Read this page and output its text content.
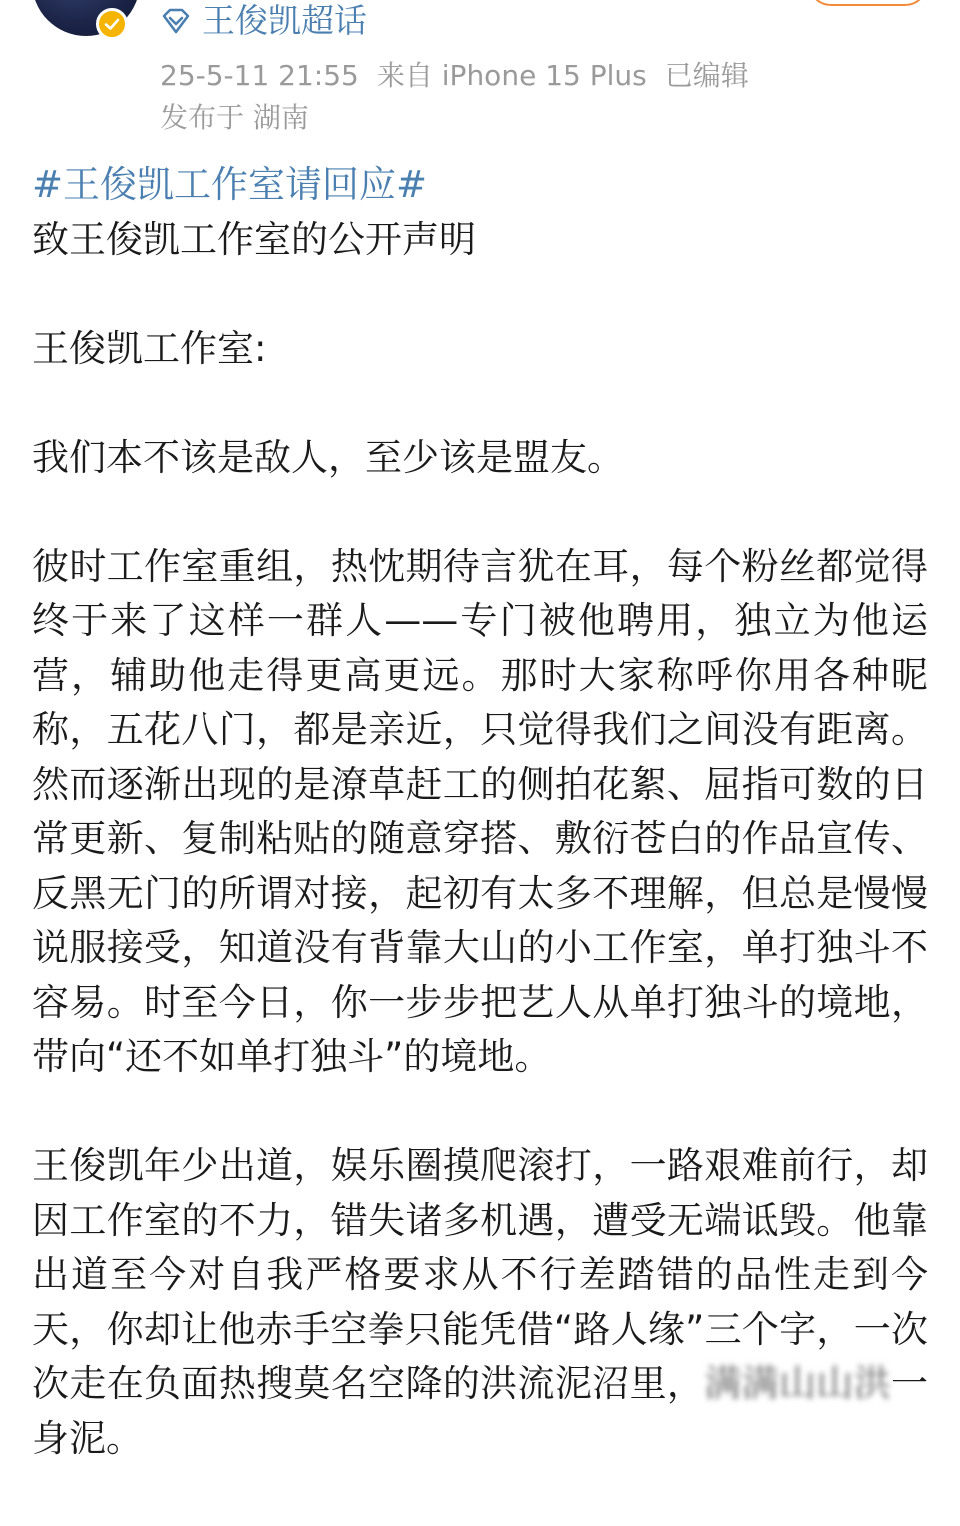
王俊凯超话
25-5-11 21:55 来自 iPhone 15 Plus 已编辑
发布于 湖南
#王俊凯工作室请回应#
致王俊凯工作室的公开声明
王俊凯工作室:
我们本不该是敌人，至少该是盟友。
彼时工作室重组，热忱期待言犹在耳，每个粉丝都觉得终于来了这样一群人——专门被他聘用，独立为他运营，辅助他走得更高更远。那时大家称呼你用各种昵称，五花八门，都是亲近，只觉得我们之间没有距离。然而逐渐出现的是潦草赶工的侧拍花絮、屈指可数的日常更新、复制粘贴的随意穿搭、敷衍苍白的作品宣传、反黑无门的所谓对接，起初有太多不理解，但总是慢慢说服接受，知道没有背靠大山的小工作室，单打独斗不容易。时至今日，你一步步把艺人从单打独斗的境地，带向“还不如单打独斗”的境地。
王俊凯年少出道，娱乐圈摸爬滚打，一路艰难前行，却因工作室的不力，错失诸多机遇，遭受无端诋毁。他靠出道至今对自我严格要求从不行差踏错的品性走到今天，你却让他赤手空拳只能凭借“路人缘”三个字，一次次走在负面热搜莫名空降的洪流泥沼里，满满山山洪一身泥。
